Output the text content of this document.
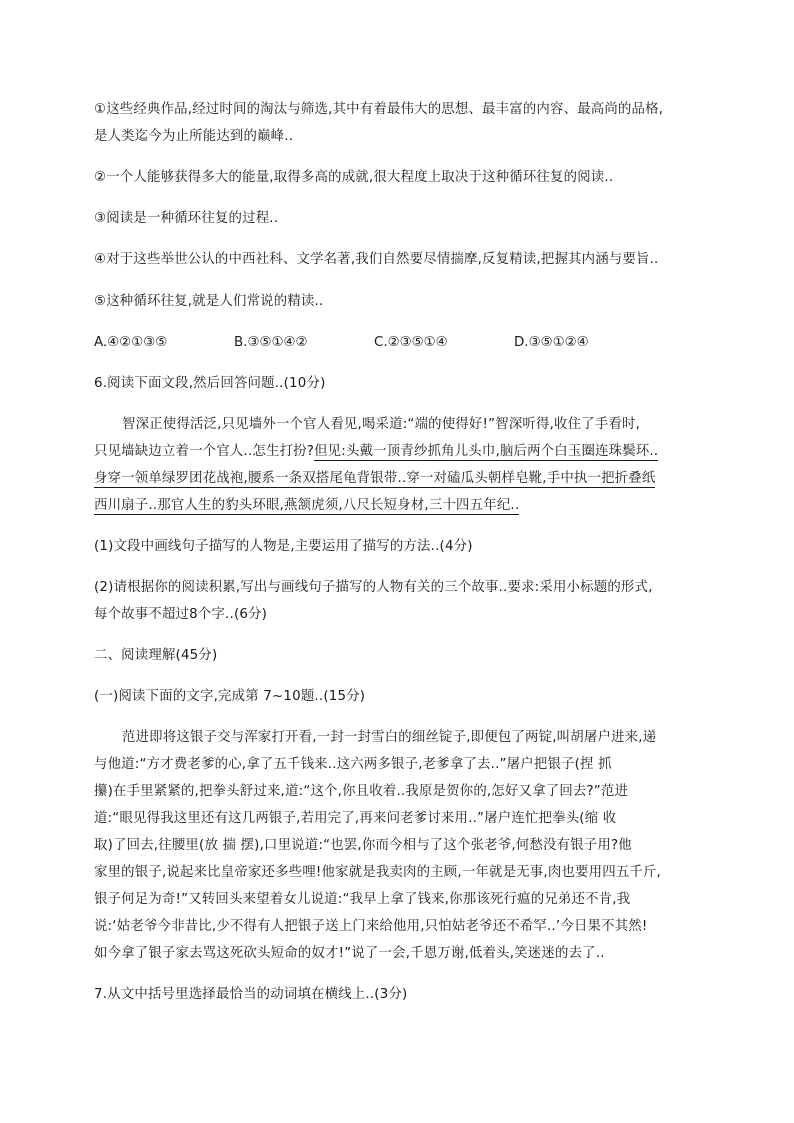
①这些经典作品,经过时间的淘汰与筛选,其中有着最伟大的思想、最丰富的内容、最高尚的品格,
是人类迄今为止所能达到的巅峰..
②一个人能够获得多大的能量,取得多高的成就,很大程度上取决于这种循环往复的阅读..
③阅读是一种循环往复的过程..
④对于这些举世公认的中西社科、文学名著,我们自然要尽情揣摩,反复精读,把握其内涵与要旨..
⑤这种循环往复,就是人们常说的精读..
A.④②①③⑤	B.③⑤①④②	C.②③⑤①④	D.③⑤①②④
6.阅读下面文段,然后回答问题..(10分)
智深正使得活泛,只见墙外一个官人看见,喝采道:“端的使得好!”智深听得,收住了手看时,
只见墙缺边立着一个官人..怎生打扮?但见:头戴一顶青纱抓角儿头巾,脑后两个白玉圈连珠鬓环..
身穿一领单绿罗团花战袍,腰系一条双搭尾龟背银带..穿一对磕瓜头朝样皂靴,手中执一把折叠纸
西川扇子..那官人生的豹头环眼,燕颔虎须,八尺长短身材,三十四五年纪..
(1)文段中画线句子描写的人物是,主要运用了描写的方法..(4分)
(2)请根据你的阅读积累,写出与画线句子描写的人物有关的三个故事..要求:采用小标题的形式,
每个故事不超过8个字..(6分)
二、阅读理解(45分)
(一)阅读下面的文字,完成第 7~10题..(15分)
范进即将这银子交与浑家打开看,一封一封雪白的细丝锭子,即便包了两锭,叫胡屠户进来,递
与他道:“方才费老爹的心,拿了五千钱来..这六两多银子,老爹拿了去..”屠户把银子(捏 抓
攥)在手里紧紧的,把拳头舒过来,道:“这个,你且收着..我原是贺你的,怎好又拿了回去?”范进
道:“眼见得我这里还有这几两银子,若用完了,再来问老爹讨来用..”屠户连忙把拳头(缩 收
取)了回去,往腰里(放 揣 摆),口里说道:“也罢,你而今相与了这个张老爷,何愁没有银子用?他
家里的银子,说起来比皇帝家还多些哩!他家就是我卖肉的主顾,一年就是无事,肉也要用四五千斤,
银子何足为奇!”又转回头来望着女儿说道:“我早上拿了钱来,你那该死行瘟的兄弟还不肯,我
说:‘姑老爷今非昔比,少不得有人把银子送上门来给他用,只怕姑老爷还不希罕..’今日果不其然!
如今拿了银子家去骂这死砍头短命的奴才!”说了一会,千恩万谢,低着头,笑迷迷的去了..
7.从文中括号里选择最恰当的动词填在横线上..(3分)
